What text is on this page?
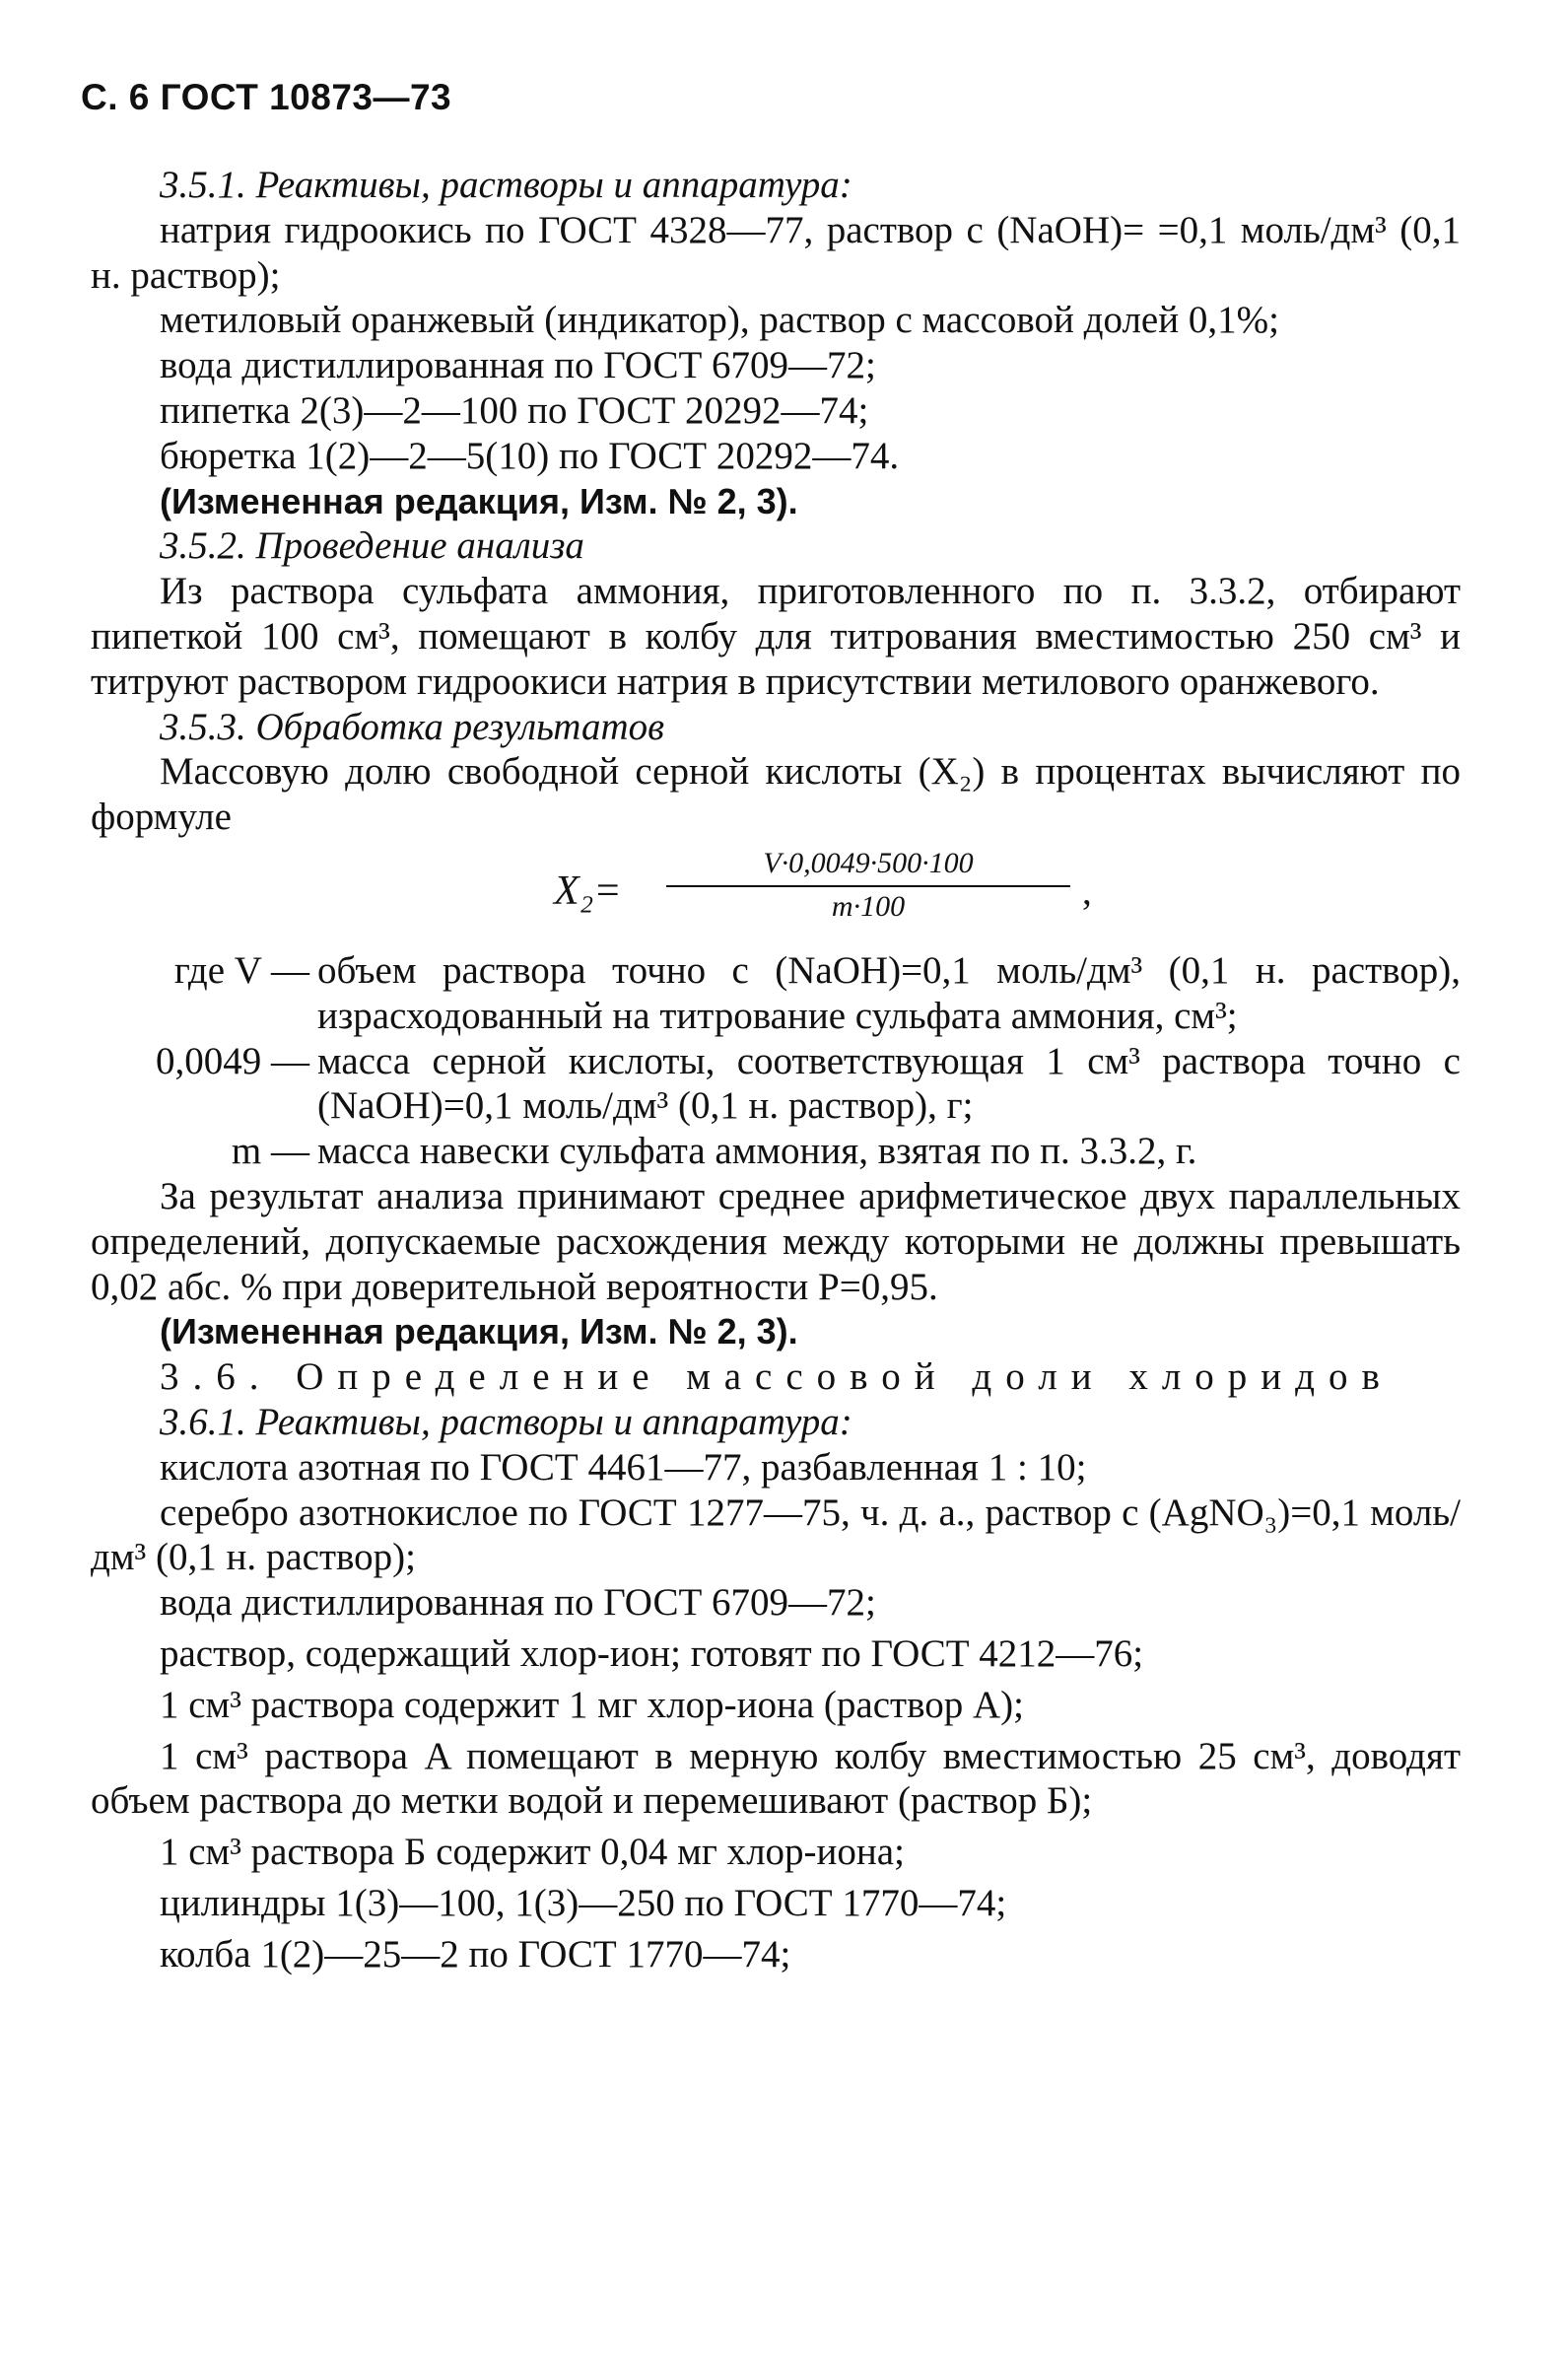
С. 6 ГОСТ 10873—73

3.5.1. Реактивы, растворы и аппаратура:

натрия гидроокись по ГОСТ 4328—77, раствор c (NaOH)= =0,1 моль/дм³ (0,1 н. раствор);

метиловый оранжевый (индикатор), раствор с массовой долей 0,1%;

вода дистиллированная по ГОСТ 6709—72;

пипетка 2(3)—2—100 по ГОСТ 20292—74;

бюретка 1(2)—2—5(10) по ГОСТ 20292—74.

(Измененная редакция, Изм. № 2, 3).

3.5.2. Проведение анализа

Из раствора сульфата аммония, приготовленного по п. 3.3.2, отбирают пипеткой 100 см³, помещают в колбу для титрования вместимостью 250 см³ и титруют раствором гидроокиси натрия в присутствии метилового оранжевого.

3.5.3. Обработка результатов

Массовую долю свободной серной кислоты (X₂) в процентах вычисляют по формуле

$X_2= \frac{V\cdot 0,0049\cdot 500\cdot 100}{m\cdot 100}$ ,
где V — объем раствора точно c (NaOH)=0,1 моль/дм³ (0,1 н. раствор), израсходованный на титрование сульфата аммония, см³;
0,0049 — масса серной кислоты, соответствующая 1 см³ раствора точно c (NaOH)=0,1 моль/дм³ (0,1 н. раствор), г;
m — масса навески сульфата аммония, взятая по п. 3.3.2, г.

За результат анализа принимают среднее арифметическое двух параллельных определений, допускаемые расхождения между которыми не должны превышать 0,02 абс. % при доверительной вероятности P=0,95.

(Измененная редакция, Изм. № 2, 3).

3.6. Определение массовой доли хлоридов

3.6.1. Реактивы, растворы и аппаратура:

кислота азотная по ГОСТ 4461—77, разбавленная 1 : 10;

серебро азотнокислое по ГОСТ 1277—75, ч. д. а., раствор c (AgNO₃)=0,1 моль/дм³ (0,1 н. раствор);

вода дистиллированная по ГОСТ 6709—72;

раствор, содержащий хлор-ион; готовят по ГОСТ 4212—76;

1 см³ раствора содержит 1 мг хлор-иона (раствор A);

1 см³ раствора A помещают в мерную колбу вместимостью 25 см³, доводят объем раствора до метки водой и перемешивают (раствор Б);

1 см³ раствора Б содержит 0,04 мг хлор-иона;

цилиндры 1(3)—100, 1(3)—250 по ГОСТ 1770—74;

колба 1(2)—25—2 по ГОСТ 1770—74;
